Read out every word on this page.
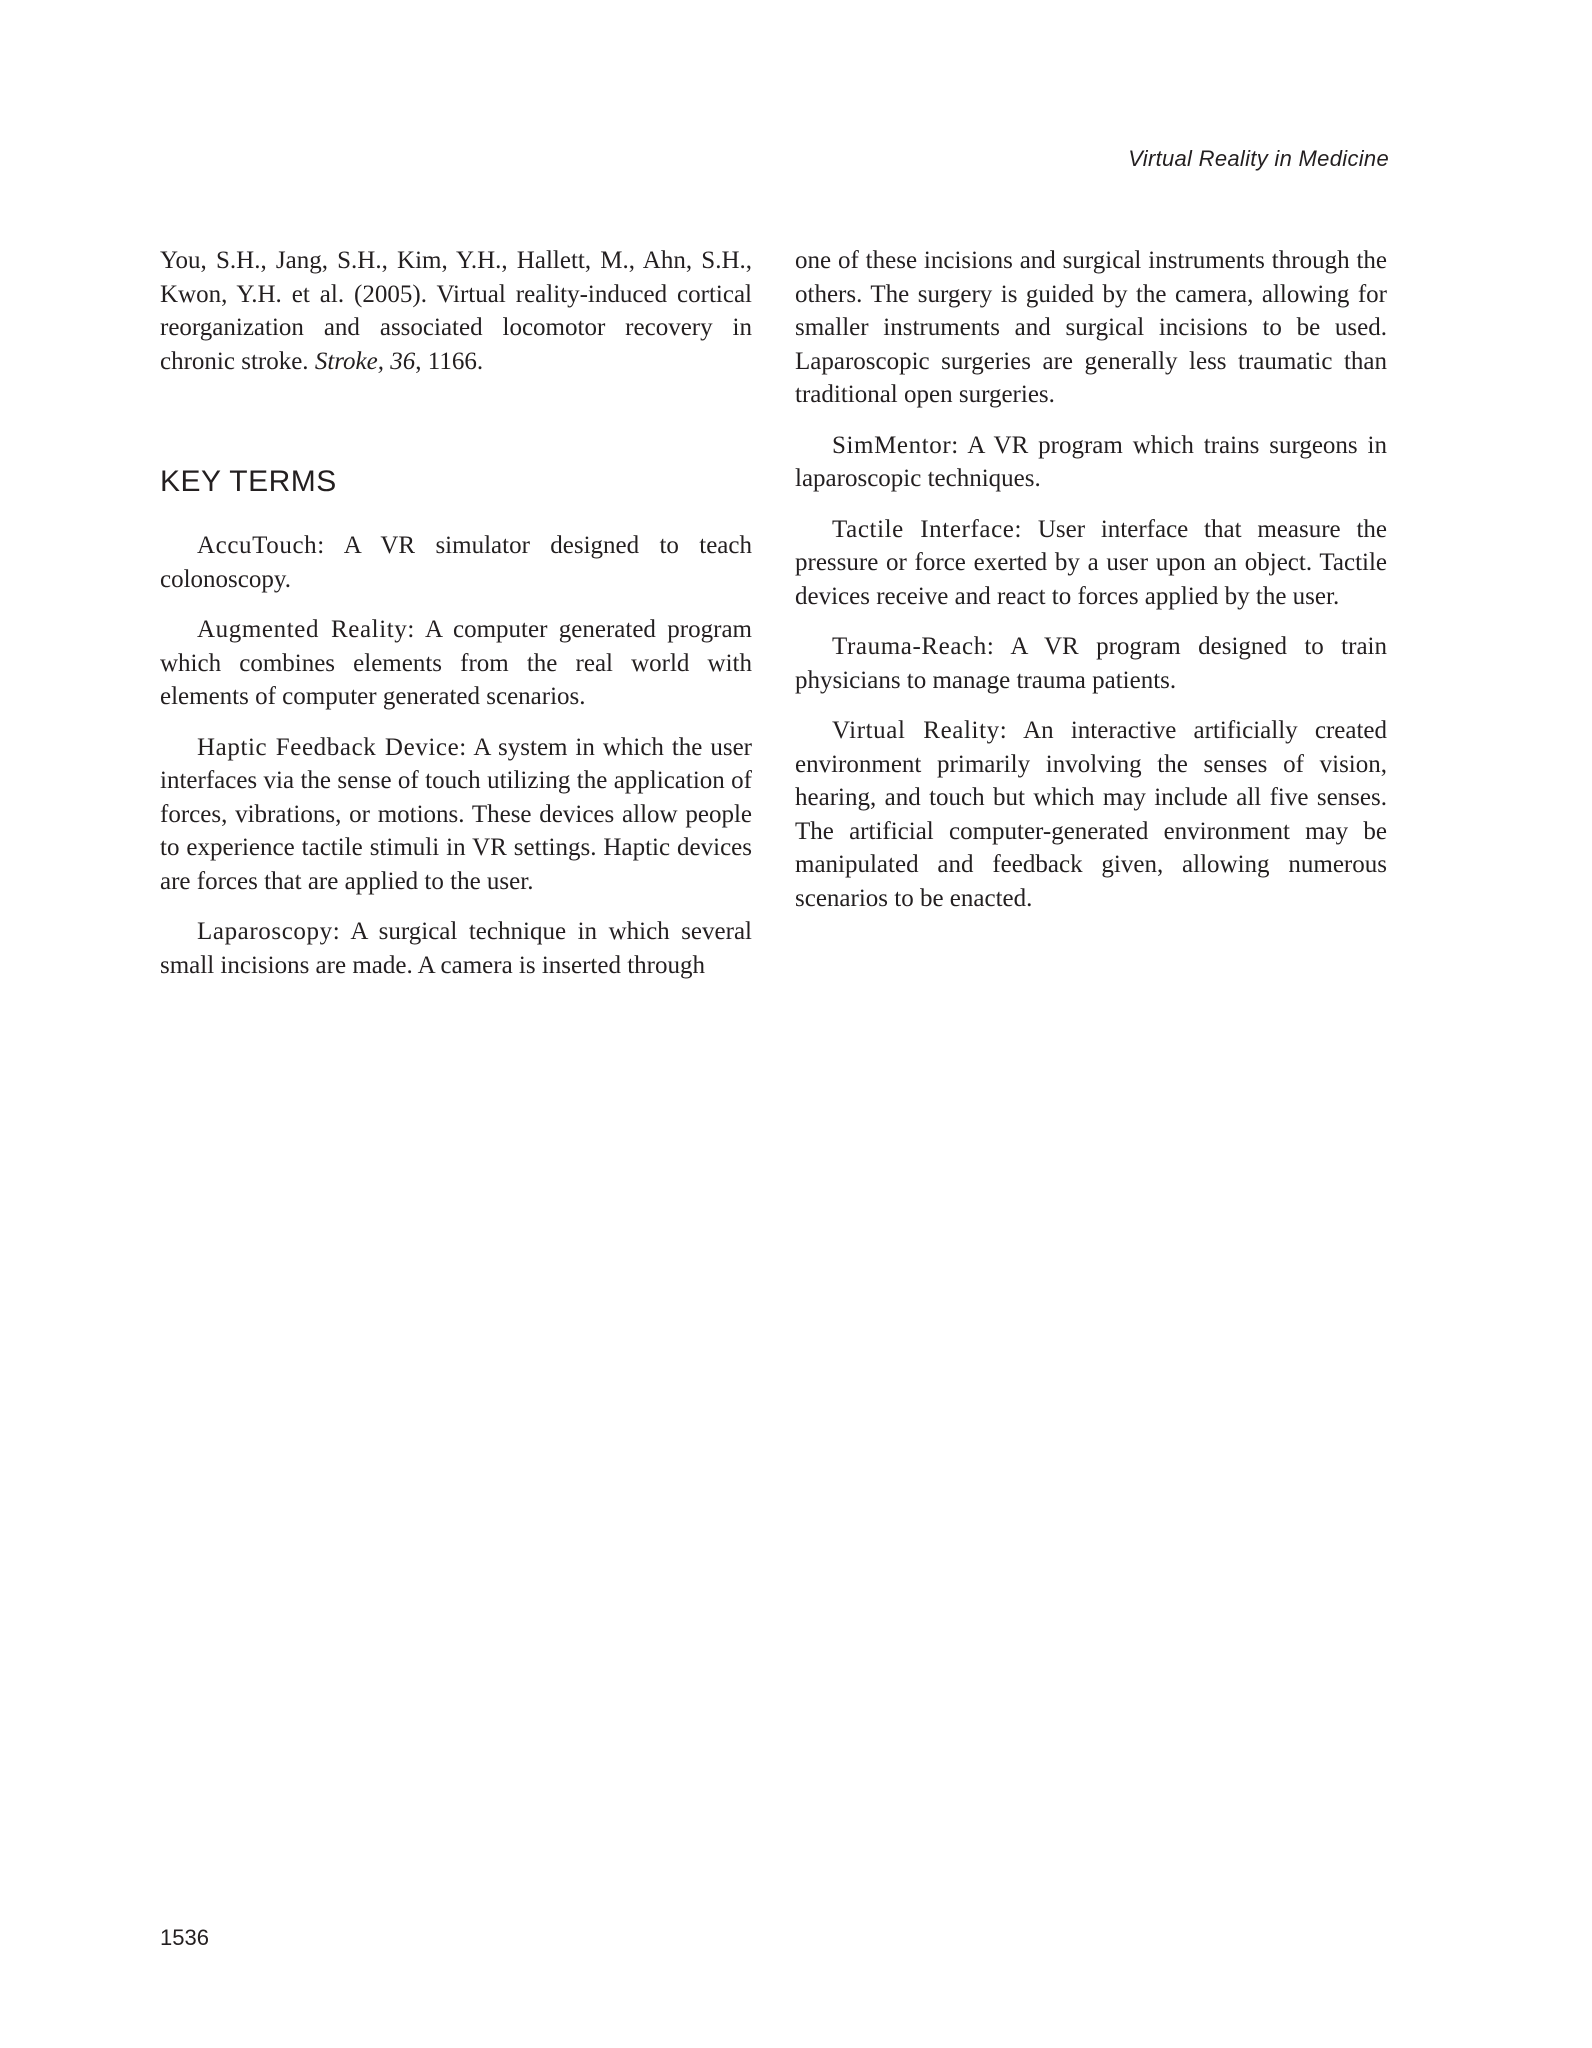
Virtual Reality in Medicine

You, S.H., Jang, S.H., Kim, Y.H., Hallett, M., Ahn, S.H., Kwon, Y.H. et al. (2005). Virtual reality-induced cortical reorganization and associated locomotor recovery in chronic stroke. Stroke, 36, 1166.

KEY TERMS

AccuTouch: A VR simulator designed to teach colonoscopy.

Augmented Reality: A computer generated program which combines elements from the real world with elements of computer generated scenarios.

Haptic Feedback Device: A system in which the user interfaces via the sense of touch utilizing the application of forces, vibrations, or motions. These devices allow people to experience tactile stimuli in VR settings. Haptic devices are forces that are applied to the user.

Laparoscopy: A surgical technique in which several small incisions are made. A camera is inserted through

one of these incisions and surgical instruments through the others. The surgery is guided by the camera, allowing for smaller instruments and surgical incisions to be used. Laparoscopic surgeries are generally less traumatic than traditional open surgeries.

SimMentor: A VR program which trains surgeons in laparoscopic techniques.

Tactile Interface: User interface that measure the pressure or force exerted by a user upon an object. Tactile devices receive and react to forces applied by the user.

Trauma-Reach: A VR program designed to train physicians to manage trauma patients.

Virtual Reality: An interactive artificially created environment primarily involving the senses of vision, hearing, and touch but which may include all five senses. The artificial computer-generated environment may be manipulated and feedback given, allowing numerous scenarios to be enacted.

1536
